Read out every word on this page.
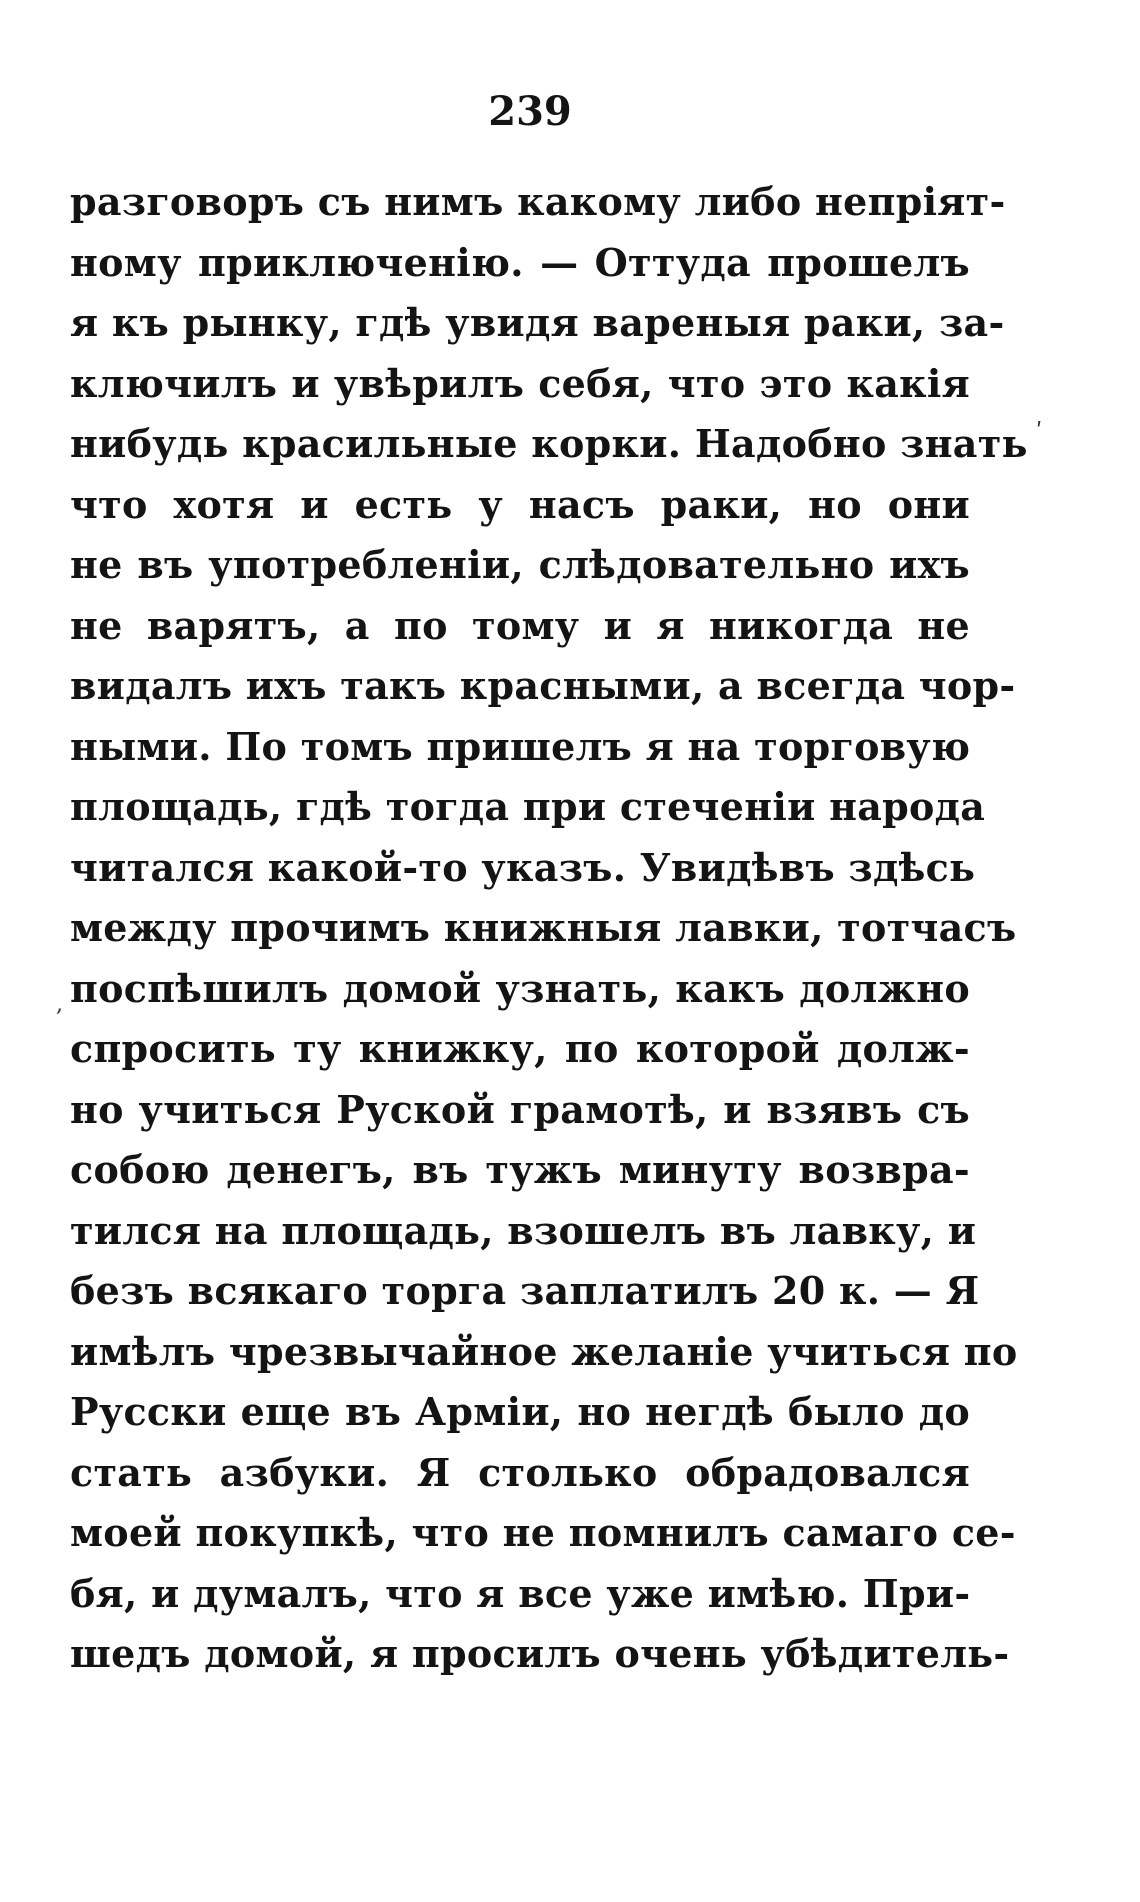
239
разговоръ съ нимъ какому либо непріят-
ному приключенію. — Оттуда прошелъ
я къ рынку, гдѣ увидя вареныя раки, за-
ключилъ и увѣрилъ себя, что это какія
нибудь красильные корки. Надобно знать
что хотя и есть у насъ раки, но они
не въ употребленіи, слѣдовательно ихъ
не варятъ, а по тому и я никогда не
видалъ ихъ такъ красными, а всегда чор-
ными. По томъ пришелъ я на торговую
площадь, гдѣ тогда при стеченіи народа
читался какой-то указъ. Увидѣвъ здѣсь
между прочимъ книжныя лавки, тотчасъ
поспѣшилъ домой узнать, какъ должно
спросить ту книжку, по которой долж-
но учиться Руской грамотѣ, и взявъ съ
собою денегъ, въ тужъ минуту возвра-
тился на площадь, взошелъ въ лавку, и
безъ всякаго торга заплатилъ 20 к. — Я
имѣлъ чрезвычайное желаніе учиться по
Русски еще въ Арміи, но негдѣ было до
стать азбуки. Я столько обрадовался
моей покупкѣ, что не помнилъ самаго се-
бя, и думалъ, что я все уже имѣю. При-
шедъ домой, я просилъ очень убѣдитель-
ʹ
,
